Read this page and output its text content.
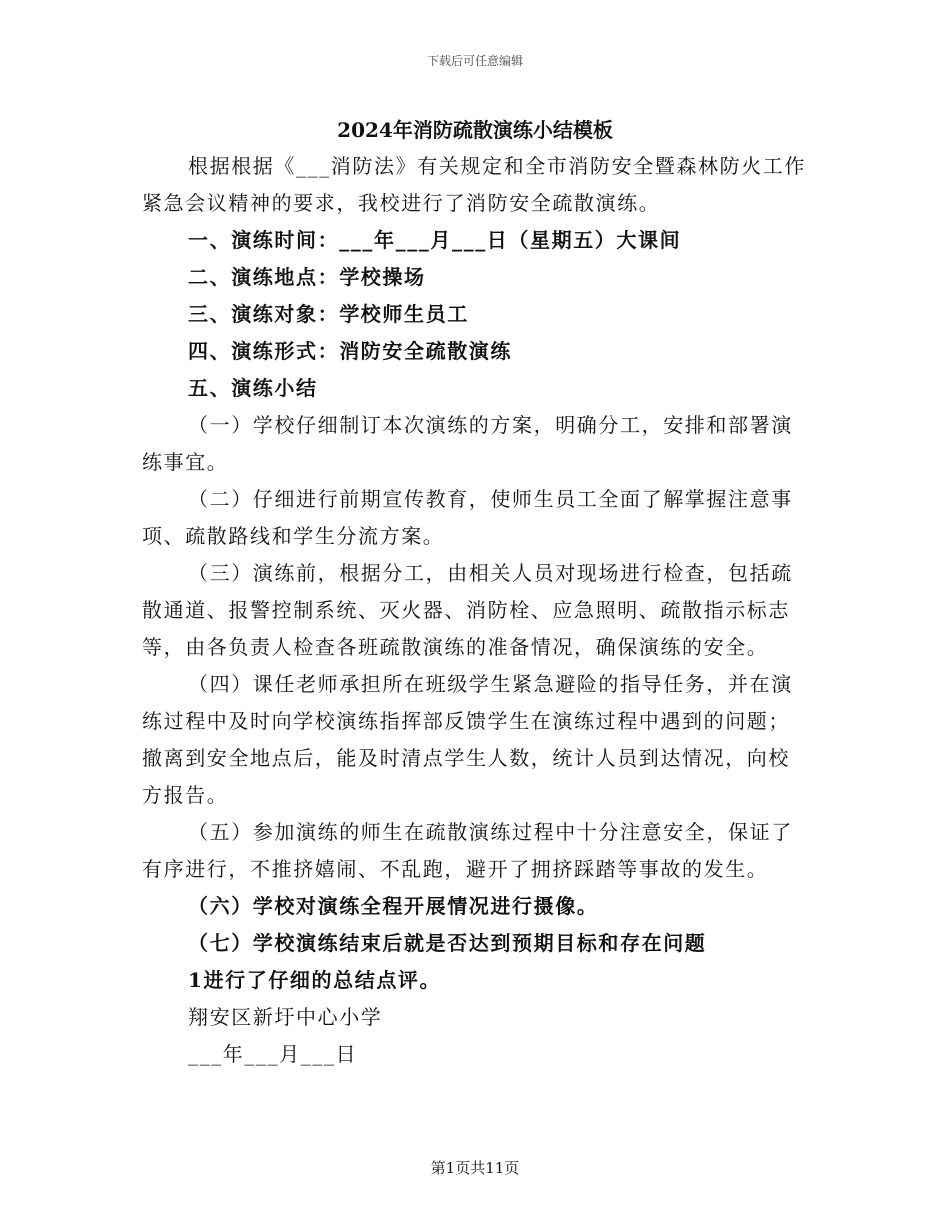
下载后可任意编辑
2024年消防疏散演练小结模板

根据根据《___消防法》有关规定和全市消防安全暨森林防火工作紧急会议精神的要求，我校进行了消防安全疏散演练。

一、演练时间：___年___月___日（星期五）大课间

二、演练地点：学校操场

三、演练对象：学校师生员工

四、演练形式：消防安全疏散演练

五、演练小结

（一）学校仔细制订本次演练的方案，明确分工，安排和部署演练事宜。

（二）仔细进行前期宣传教育，使师生员工全面了解掌握注意事项、疏散路线和学生分流方案。

（三）演练前，根据分工，由相关人员对现场进行检查，包括疏散通道、报警控制系统、灭火器、消防栓、应急照明、疏散指示标志等，由各负责人检查各班疏散演练的准备情况，确保演练的安全。

（四）课任老师承担所在班级学生紧急避险的指导任务，并在演练过程中及时向学校演练指挥部反馈学生在演练过程中遇到的问题；撤离到安全地点后，能及时清点学生人数，统计人员到达情况，向校方报告。

（五）参加演练的师生在疏散演练过程中十分注意安全，保证了有序进行，不推挤嬉闹、不乱跑，避开了拥挤踩踏等事故的发生。

（六）学校对演练全程开展情况进行摄像。

（七）学校演练结束后就是否达到预期目标和存在问题

1进行了仔细的总结点评。

翔安区新圩中心小学

___年___月___日

第1页共11页
